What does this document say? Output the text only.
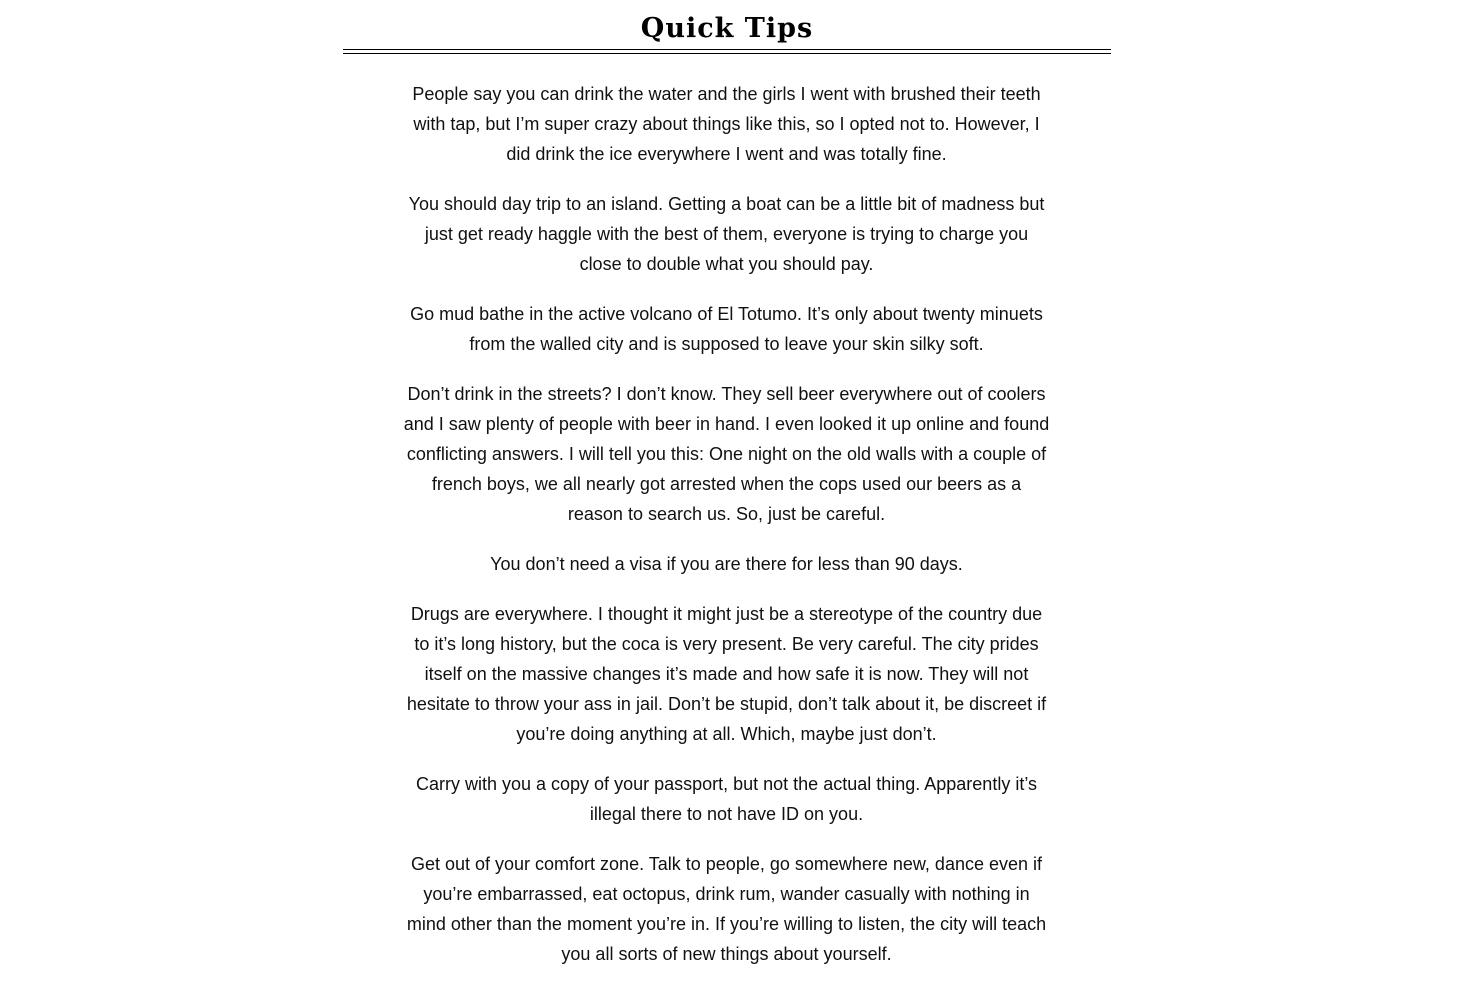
Quick Tips

People say you can drink the water and the girls I went with brushed their teeth with tap, but I’m super crazy about things like this, so I opted not to. However, I did drink the ice everywhere I went and was totally fine.

You should day trip to an island. Getting a boat can be a little bit of madness but just get ready haggle with the best of them, everyone is trying to charge you close to double what you should pay.

Go mud bathe in the active volcano of El Totumo. It’s only about twenty minuets from the walled city and is supposed to leave your skin silky soft.

Don’t drink in the streets? I don’t know. They sell beer everywhere out of coolers and I saw plenty of people with beer in hand. I even looked it up online and found conflicting answers. I will tell you this: One night on the old walls with a couple of french boys, we all nearly got arrested when the cops used our beers as a reason to search us. So, just be careful.

You don’t need a visa if you are there for less than 90 days.

Drugs are everywhere. I thought it might just be a stereotype of the country due to it’s long history, but the coca is very present. Be very careful. The city prides itself on the massive changes it’s made and how safe it is now. They will not hesitate to throw your ass in jail. Don’t be stupid, don’t talk about it, be discreet if you’re doing anything at all. Which, maybe just don’t.

Carry with you a copy of your passport, but not the actual thing. Apparently it’s illegal there to not have ID on you.

Get out of your comfort zone. Talk to people, go somewhere new, dance even if you’re embarrassed, eat octopus, drink rum, wander casually with nothing in mind other than the moment you’re in. If you’re willing to listen, the city will teach you all sorts of new things about yourself.
